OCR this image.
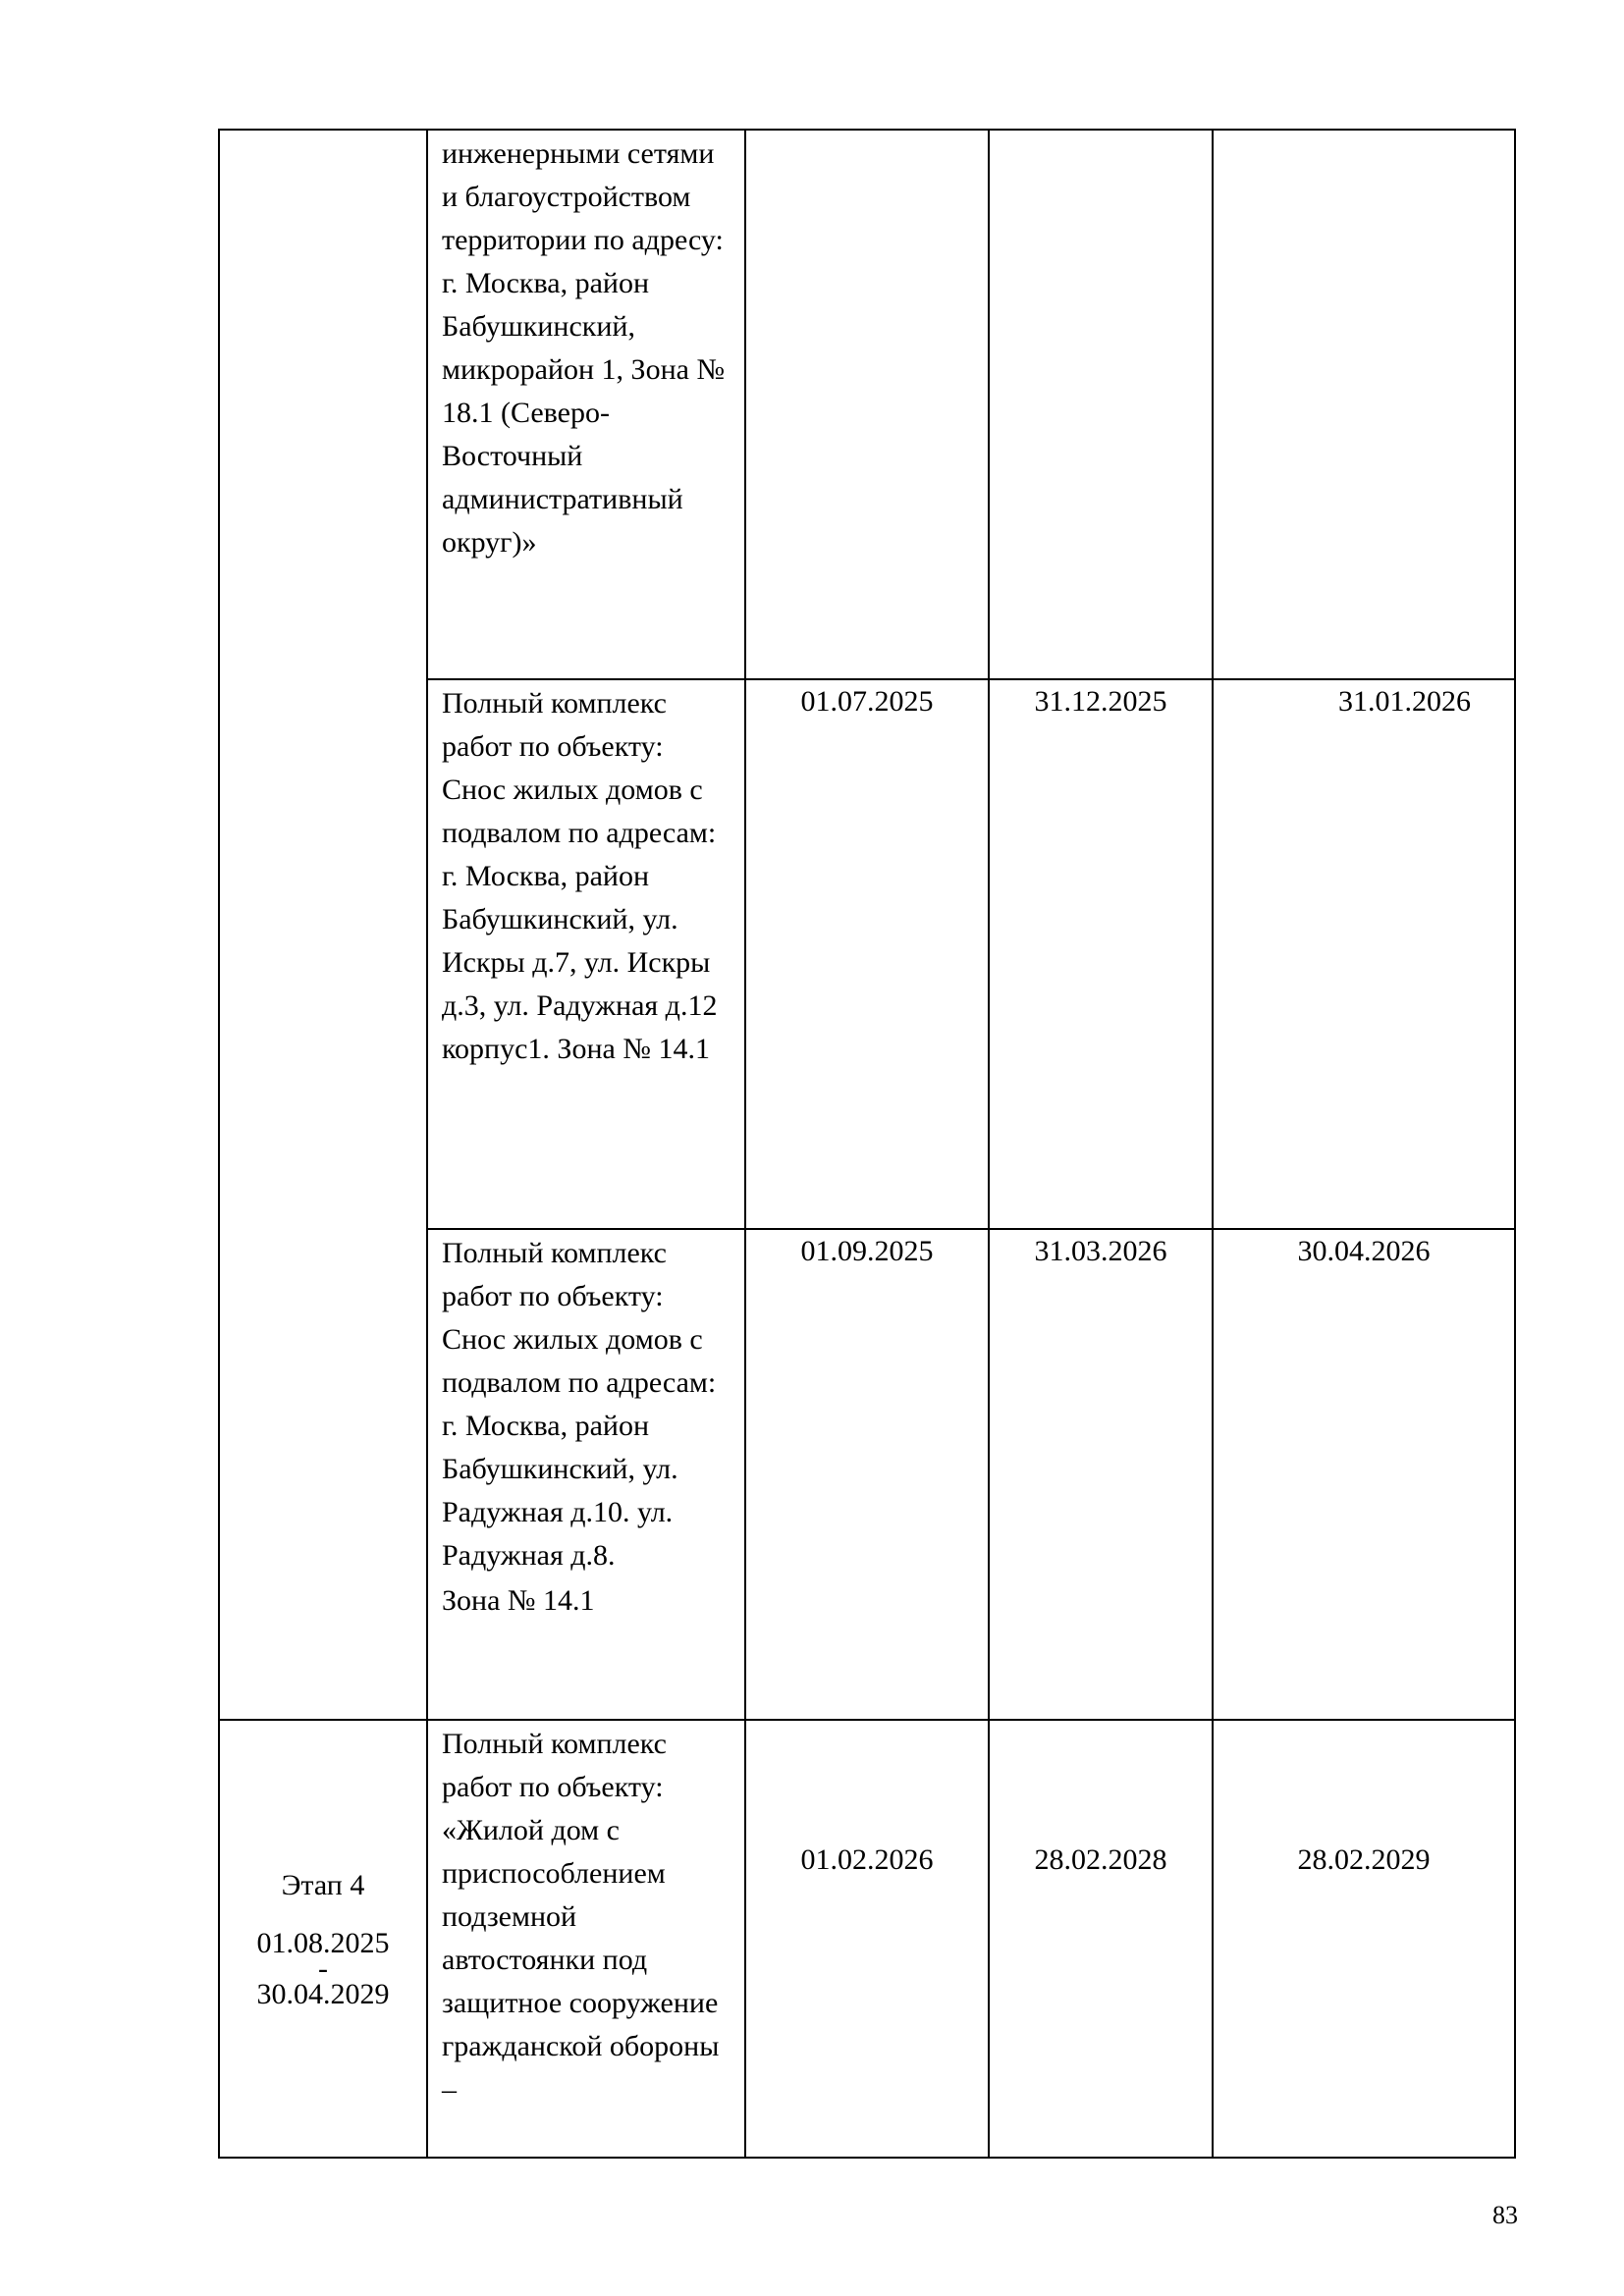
	инженерными сетями и благоустройством территории по адресу: г. Москва, район Бабушкинский, микрорайон 1, Зона № 18.1 (Северо-Восточный административный округ)»			

	Полный комплекс работ по объекту: Снос жилых домов с подвалом по адресам: г. Москва, район Бабушкинский, ул. Искры д.7, ул. Искры д.3, ул. Радужная д.12 корпус1. Зона № 14.1	01.07.2025	31.12.2025	31.01.2026

	Полный комплекс работ по объекту: Снос жилых домов с подвалом по адресам: г. Москва, район Бабушкинский, ул. Радужная д.10. ул. Радужная д.8.
Зона № 14.1	01.09.2025	31.03.2026	30.04.2026

Этап 4
01.08.2025
-
30.04.2029	Полный комплекс работ по объекту: «Жилой дом с приспособлением подземной автостоянки под защитное сооружение гражданской обороны –	01.02.2026	28.02.2028	28.02.2029
83
